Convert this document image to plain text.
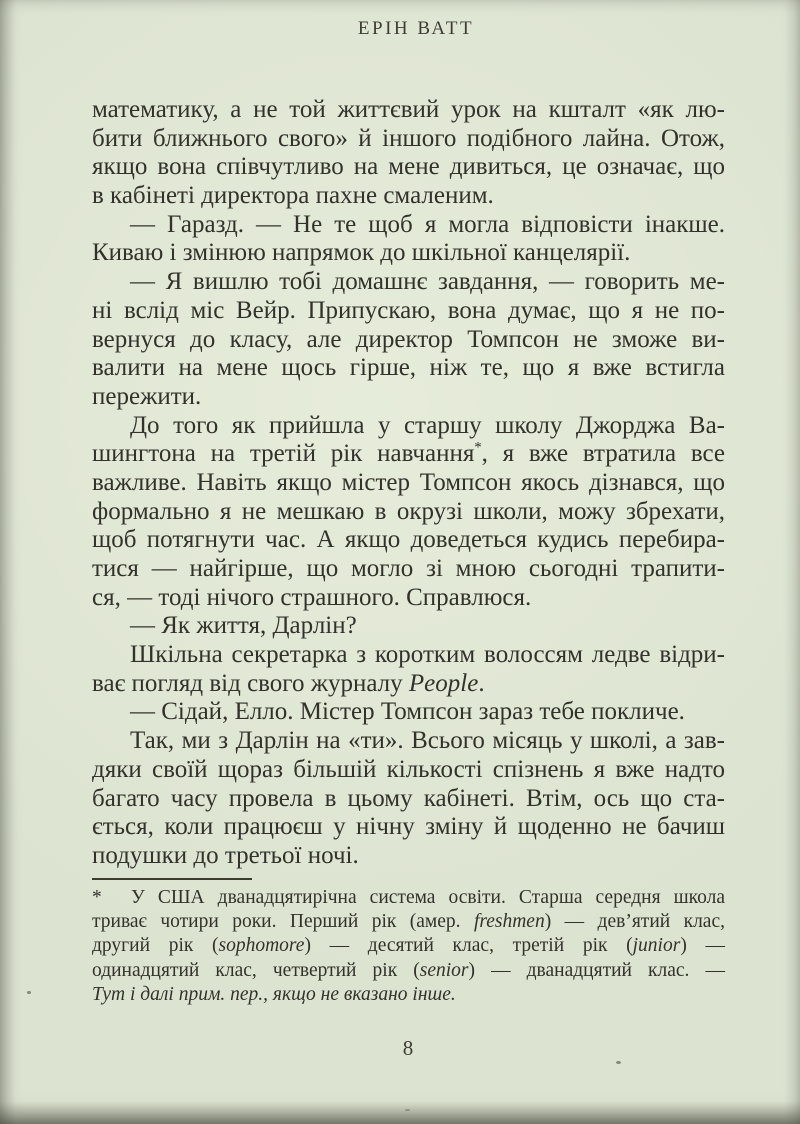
ЕРІН ВАТТ
математику, а не той життєвий урок на кшталт «як лю-
бити ближнього свого» й іншого подібного лайна. Отож,
якщо вона співчутливо на мене дивиться, це означає, що
в кабінеті директора пахне смаленим.
— Гаразд. — Не те щоб я могла відповісти інакше.
Киваю і змінюю напрямок до шкільної канцелярії.
— Я вишлю тобі домашнє завдання, — говорить ме-
ні вслід міс Вейр. Припускаю, вона думає, що я не по-
вернуся до класу, але директор Томпсон не зможе ви-
валити на мене щось гірше, ніж те, що я вже встигла
пережити.
До того як прийшла у старшу школу Джорджа Ва-
шингтона на третій рік навчання*, я вже втратила все
важливе. Навіть якщо містер Томпсон якось дізнався, що
формально я не мешкаю в окрузі школи, можу збрехати,
щоб потягнути час. А якщо доведеться кудись перебира-
тися — найгірше, що могло зі мною сьогодні трапити-
ся, — тоді нічого страшного. Справлюся.
— Як життя, Дарлін?
Шкільна секретарка з коротким волоссям ледве відри-
ває погляд від свого журналу People.
— Сідай, Елло. Містер Томпсон зараз тебе покличе.
Так, ми з Дарлін на «ти». Всього місяць у школі, а зав-
дяки своїй щораз більшій кількості спізнень я вже надто
багато часу провела в цьому кабінеті. Втім, ось що ста-
ється, коли працюєш у нічну зміну й щоденно не бачиш
подушки до третьої ночі.
*   У США дванадцятирічна система освіти. Старша середня школа
триває чотири роки. Перший рік (амер. freshmen) — дев’ятий клас,
другий рік (sophomore) — десятий клас, третій рік (junior) —
одинадцятий клас, четвертий рік (senior) — дванадцятий клас. —
Тут і далі прим. пер., якщо не вказано інше.
8
